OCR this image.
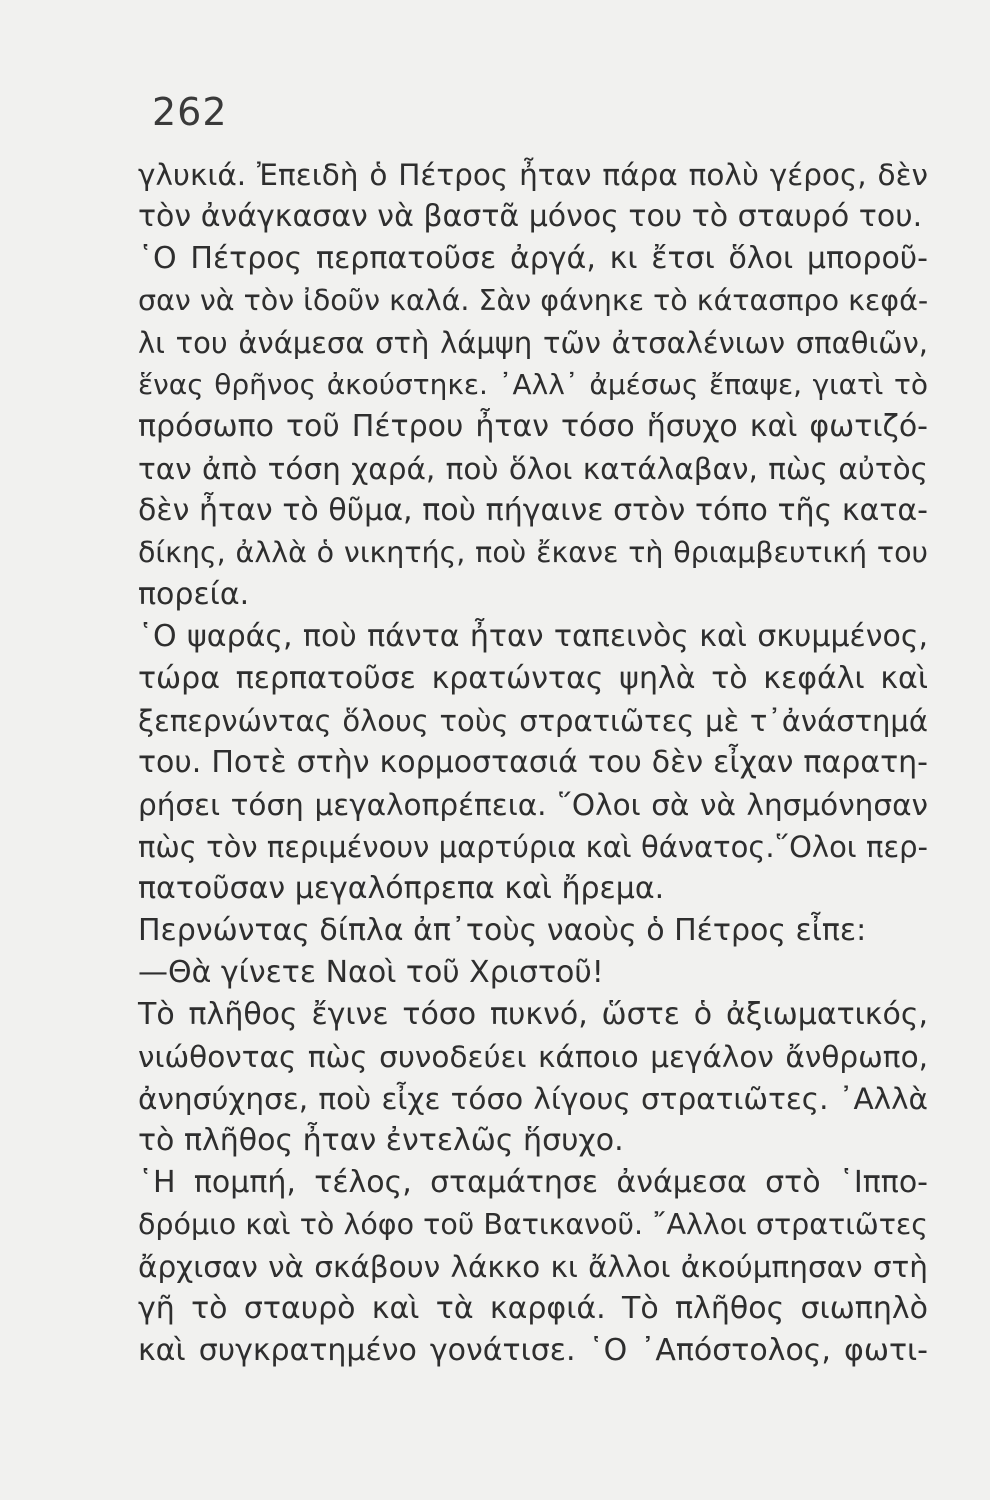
262
γλυκιά. Ἐπειδὴ ὁ Πέτρος ἦταν πάρα πολὺ γέρος, δὲν
τὸν ἀνάγκασαν νὰ βαστᾶ μόνος του τὸ σταυρό του.
῾Ο Πέτρος περπατοῦσε ἀργά, κι ἔτσι ὅλοι μποροῦ-
σαν νὰ τὸν ἰδοῦν καλά. Σὰν φάνηκε τὸ κάτασπρο κεφά-
λι του ἀνάμεσα στὴ λάμψη τῶν ἀτσαλένιων σπαθιῶν,
ἕνας θρῆνος ἀκούστηκε. ᾿Αλλ᾿ ἀμέσως ἔπαψε, γιατὶ τὸ
πρόσωπο τοῦ Πέτρου ἦταν τόσο ἥσυχο καὶ φωτιζό-
ταν ἀπὸ τόση χαρά, ποὺ ὅλοι κατάλαβαν, πὼς αὐτὸς
δὲν ἦταν τὸ θῦμα, ποὺ πήγαινε στὸν τόπο τῆς κατα-
δίκης, ἀλλὰ ὁ νικητής, ποὺ ἔκανε τὴ θριαμβευτική του
πορεία.
῾Ο ψαράς, ποὺ πάντα ἦταν ταπεινὸς καὶ σκυμμένος,
τώρα περπατοῦσε κρατώντας ψηλὰ τὸ κεφάλι καὶ
ξεπερνώντας ὅλους τοὺς στρατιῶτες μὲ τ᾿ἀνάστημά
του. Ποτὲ στὴν κορμοστασιά του δὲν εἶχαν παρατη-
ρήσει τόση μεγαλοπρέπεια. ῞Ολοι σὰ νὰ λησμόνησαν
πὼς τὸν περιμένουν μαρτύρια καὶ θάνατος.῞Ολοι περ-
πατοῦσαν μεγαλόπρεπα καὶ ἤρεμα.
Περνώντας δίπλα ἀπ᾿τοὺς ναοὺς ὁ Πέτρος εἶπε:
—Θὰ γίνετε Ναοὶ τοῦ Χριστοῦ!
Τὸ πλῆθος ἔγινε τόσο πυκνό, ὥστε ὁ ἀξιωματικός,
νιώθοντας πὼς συνοδεύει κάποιο μεγάλον ἄνθρωπο,
ἀνησύχησε, ποὺ εἶχε τόσο λίγους στρατιῶτες. ᾿Αλλὰ
τὸ πλῆθος ἦταν ἐντελῶς ἥσυχο.
῾Η πομπή, τέλος, σταμάτησε ἀνάμεσα στὸ ῾Ιππο-
δρόμιο καὶ τὸ λόφο τοῦ Βατικανοῦ. ῎Αλλοι στρατιῶτες
ἄρχισαν νὰ σκάβουν λάκκο κι ἄλλοι ἀκούμπησαν στὴ
γῆ τὸ σταυρὸ καὶ τὰ καρφιά. Τὸ πλῆθος σιωπηλὸ
καὶ συγκρατημένο γονάτισε. ῾Ο ᾿Απόστολος, φωτι-
